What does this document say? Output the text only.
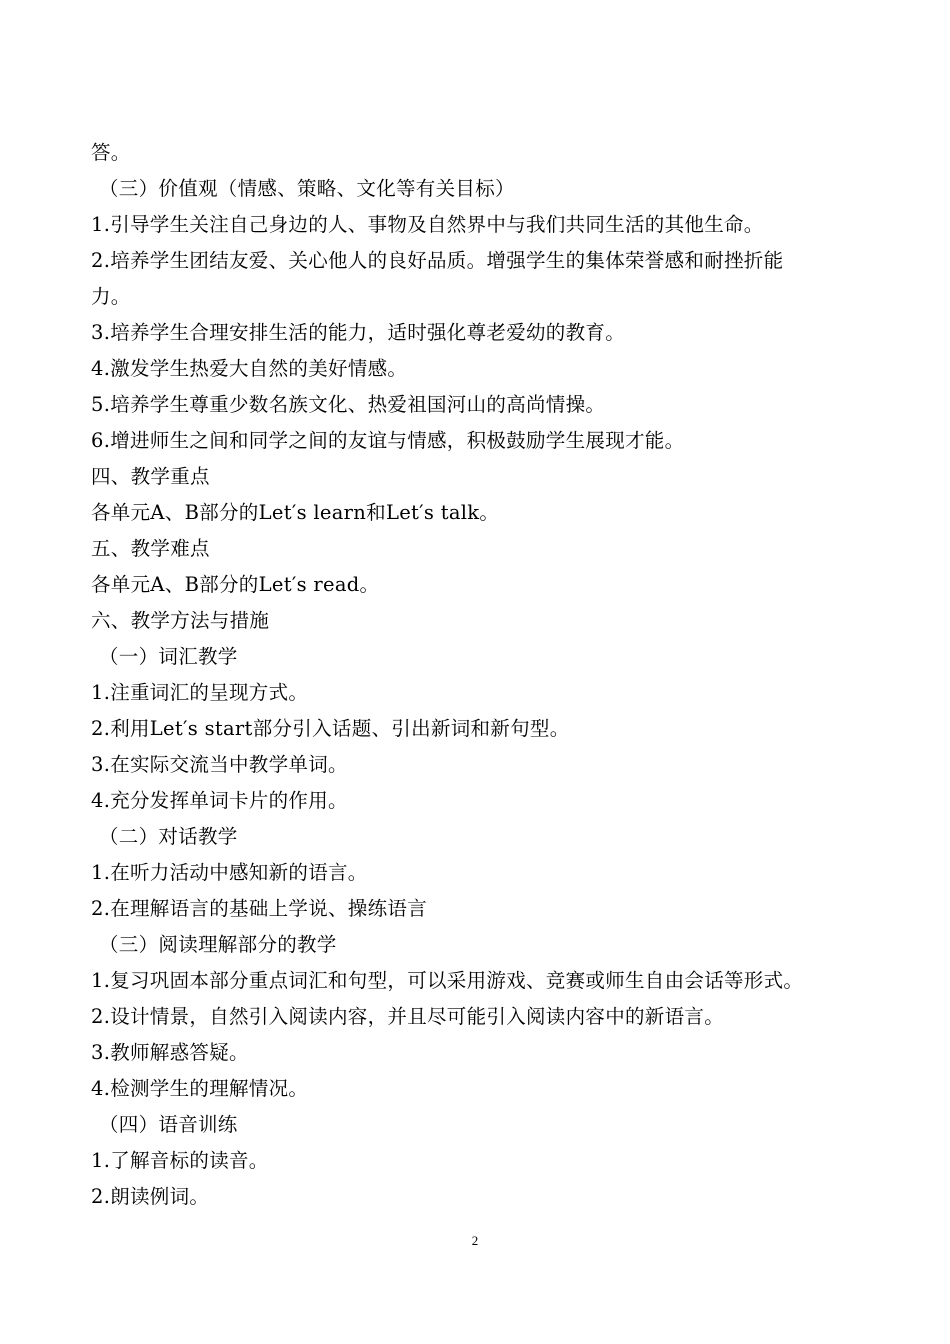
答。
（三）价值观（情感、策略、文化等有关目标）
1.引导学生关注自己身边的人、事物及自然界中与我们共同生活的其他生命。
2.培养学生团结友爱、关心他人的良好品质。增强学生的集体荣誉感和耐挫折能
力。
3.培养学生合理安排生活的能力，适时强化尊老爱幼的教育。
4.激发学生热爱大自然的美好情感。
5.培养学生尊重少数名族文化、热爱祖国河山的高尚情操。
6.增进师生之间和同学之间的友谊与情感，积极鼓励学生展现才能。
四、教学重点
各单元A、B部分的Let′s learn和Let′s talk。
五、教学难点
各单元A、B部分的Let′s read。
六、教学方法与措施
（一）词汇教学
1.注重词汇的呈现方式。
2.利用Let′s start部分引入话题、引出新词和新句型。
3.在实际交流当中教学单词。
4.充分发挥单词卡片的作用。
（二）对话教学
1.在听力活动中感知新的语言。
2.在理解语言的基础上学说、操练语言
（三）阅读理解部分的教学
1.复习巩固本部分重点词汇和句型，可以采用游戏、竞赛或师生自由会话等形式。
2.设计情景，自然引入阅读内容，并且尽可能引入阅读内容中的新语言。
3.教师解惑答疑。
4.检测学生的理解情况。
（四）语音训练
1.了解音标的读音。
2.朗读例词。
2
